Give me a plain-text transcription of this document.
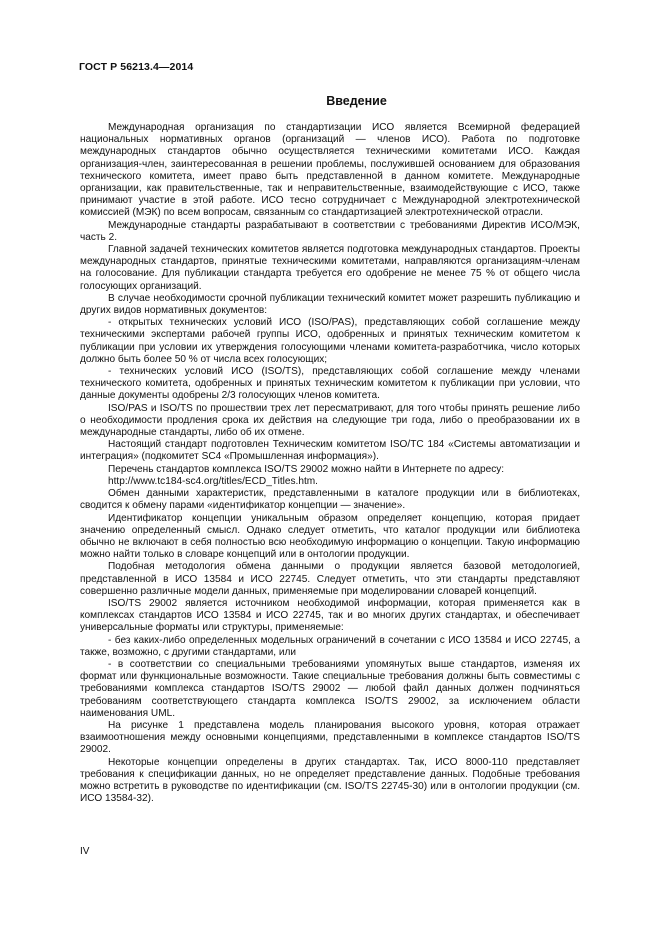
ГОСТ Р 56213.4—2014
Введение

Международная организация по стандартизации ИСО является Всемирной федерацией национальных нормативных органов (организаций — членов ИСО). Работа по подготовке международных стандартов обычно осуществляется техническими комитетами ИСО. Каждая организация-член, заинтересованная в решении проблемы, послужившей основанием для образования технического комитета, имеет право быть представленной в данном комитете. Международные организации, как правительственные, так и неправительственные, взаимодействующие с ИСО, также принимают участие в этой работе. ИСО тесно сотрудничает с Международной электротехнической комиссией (МЭК) по всем вопросам, связанным со стандартизацией электротехнической отрасли.

Международные стандарты разрабатывают в соответствии с требованиями Директив ИСО/МЭК, часть 2.

Главной задачей технических комитетов является подготовка международных стандартов. Проекты международных стандартов, принятые техническими комитетами, направляются организациям-членам на голосование. Для публикации стандарта требуется его одобрение не менее 75 % от общего числа голосующих организаций.

В случае необходимости срочной публикации технический комитет может разрешить публикацию и других видов нормативных документов:

- открытых технических условий ИСО (ISO/PAS), представляющих собой соглашение между техническими экспертами рабочей группы ИСО, одобренных и принятых техническим комитетом к публикации при условии их утверждения голосующими членами комитета-разработчика, число которых должно быть более 50 % от числа всех голосующих;

- технических условий ИСО (ISO/TS), представляющих собой соглашение между членами технического комитета, одобренных и принятых техническим комитетом к публикации при условии, что данные документы одобрены 2/3 голосующих членов комитета.

ISO/PAS и ISO/TS по прошествии трех лет пересматривают, для того чтобы принять решение либо о необходимости продления срока их действия на следующие три года, либо о преобразовании их в международные стандарты, либо об их отмене.

Настоящий стандарт подготовлен Техническим комитетом ISO/TC 184 «Системы автоматизации и интеграция» (подкомитет SC4 «Промышленная информация»).

Перечень стандартов комплекса ISO/TS 29002 можно найти в Интернете по адресу:

http://www.tc184-sc4.org/titles/ECD_Titles.htm.

Обмен данными характеристик, представленными в каталоге продукции или в библиотеках, сводится к обмену парами «идентификатор концепции — значение».

Идентификатор концепции уникальным образом определяет концепцию, которая придает значению определенный смысл. Однако следует отметить, что каталог продукции или библиотека обычно не включают в себя полностью всю необходимую информацию о концепции. Такую информацию можно найти только в словаре концепций или в онтологии продукции.

Подобная методология обмена данными о продукции является базовой методологией, представленной в ИСО 13584 и ИСО 22745. Следует отметить, что эти стандарты представляют совершенно различные модели данных, применяемые при моделировании словарей концепций.

ISO/TS 29002 является источником необходимой информации, которая применяется как в комплексах стандартов ИСО 13584 и ИСО 22745, так и во многих других стандартах, и обеспечивает универсальные форматы или структуры, применяемые:

- без каких-либо определенных модельных ограничений в сочетании с ИСО 13584 и ИСО 22745, а также, возможно, с другими стандартами, или

- в соответствии со специальными требованиями упомянутых выше стандартов, изменяя их формат или функциональные возможности. Такие специальные требования должны быть совместимы с требованиями комплекса стандартов ISO/TS 29002 — любой файл данных должен подчиняться требованиям соответствующего стандарта комплекса ISO/TS 29002, за исключением области наименования UML.

На рисунке 1 представлена модель планирования высокого уровня, которая отражает взаимоотношения между основными концепциями, представленными в комплексе стандартов ISO/TS 29002.

Некоторые концепции определены в других стандартах. Так, ИСО 8000-110 представляет требования к спецификации данных, но не определяет представление данных. Подобные требования можно встретить в руководстве по идентификации (см. ISO/TS 22745-30) или в онтологии продукции (см. ИСО 13584-32).

IV
